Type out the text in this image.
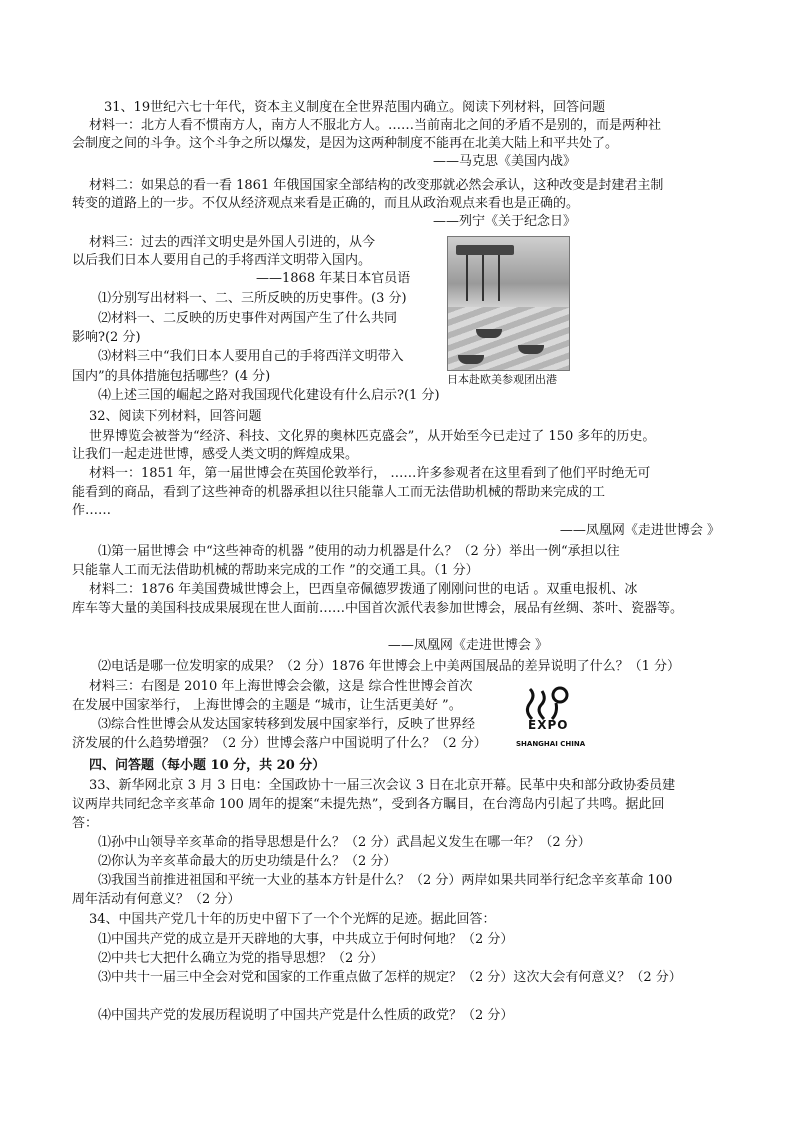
31、19世纪六七十年代，资本主义制度在全世界范围内确立。阅读下列材料，回答问题
材料一：北方人看不惯南方人，南方人不服北方人。……当前南北之间的矛盾不是别的，而是两种社
会制度之间的斗争。这个斗争之所以爆发，是因为这两种制度不能再在北美大陆上和平共处了。
——马克思《美国内战》
材料二：如果总的看一看 1861 年俄国国家全部结构的改变那就必然会承认，这种改变是封建君主制
转变的道路上的一步。不仅从经济观点来看是正确的，而且从政治观点来看也是正确的。
——列宁《关于纪念日》
材料三：过去的西洋文明史是外国人引进的，从今
以后我们日本人要用自己的手将西洋文明带入国内。
——1868 年某日本官员语
⑴分别写出材料一、二、三所反映的历史事件。(3 分)
⑵材料一、二反映的历史事件对两国产生了什么共同
影响?(2 分)
⑶材料三中“我们日本人要用自己的手将西洋文明带入
国内”的具体措施包括哪些？(4 分)
⑷上述三国的崛起之路对我国现代化建设有什么启示?(1 分)
日本赴欧美参观团出港
32、阅读下列材料，回答问题
世界博览会被誉为“经济、科技、文化界的奥林匹克盛会”，从开始至今已走过了 150 多年的历史。
让我们一起走进世博，感受人类文明的辉煌成果。
材料一：1851 年，第一届世博会在英国伦敦举行， ……许多参观者在这里看到了他们平时绝无可
能看到的商品，看到了这些神奇的机器承担以往只能靠人工而无法借助机械的帮助来完成的工
作……
——凤凰网《走进世博会 》
⑴第一届世博会 中“这些神奇的机器 ”使用的动力机器是什么？（2 分）举出一例“承担以往
只能靠人工而无法借助机械的帮助来完成的工作 ”的交通工具。（1 分）
材料二：1876 年美国费城世博会上，巴西皇帝佩德罗拨通了刚刚问世的电话 。双重电报机、冰
库车等大量的美国科技成果展现在世人面前……中国首次派代表参加世博会，展品有丝绸、茶叶、瓷器等。
——凤凰网《走进世博会 》
⑵电话是哪一位发明家的成果？（2 分）1876 年世博会上中美两国展品的差异说明了什么？（1 分）
材料三：右图是 2010 年上海世博会会徽，这是 综合性世博会首次
在发展中国家举行， 上海世博会的主题是 “城市，让生活更美好 ”。
⑶综合性世博会从发达国家转移到发展中国家举行，反映了世界经
济发展的什么趋势增强？（2 分）世博会落户中国说明了什么？（2 分）
EXPO
SHANGHAI CHINA
四、问答题（每小题 10 分，共 20 分）
33、新华网北京 3 月 3 日电：全国政协十一届三次会议 3 日在北京开幕。民革中央和部分政协委员建
议两岸共同纪念辛亥革命 100 周年的提案“未提先热”，受到各方瞩目，在台湾岛内引起了共鸣。据此回
答：
⑴孙中山领导辛亥革命的指导思想是什么？（2 分）武昌起义发生在哪一年？（2 分）
⑵你认为辛亥革命最大的历史功绩是什么？（2 分）
⑶我国当前推进祖国和平统一大业的基本方针是什么？（2 分）两岸如果共同举行纪念辛亥革命 100
周年活动有何意义？（2 分）
34、中国共产党几十年的历史中留下了一个个光辉的足迹。据此回答：
⑴中国共产党的成立是开天辟地的大事，中共成立于何时何地？（2 分）
⑵中共七大把什么确立为党的指导思想？（2 分）
⑶中共十一届三中全会对党和国家的工作重点做了怎样的规定？（2 分）这次大会有何意义？（2 分）
⑷中国共产党的发展历程说明了中国共产党是什么性质的政党？（2 分）
